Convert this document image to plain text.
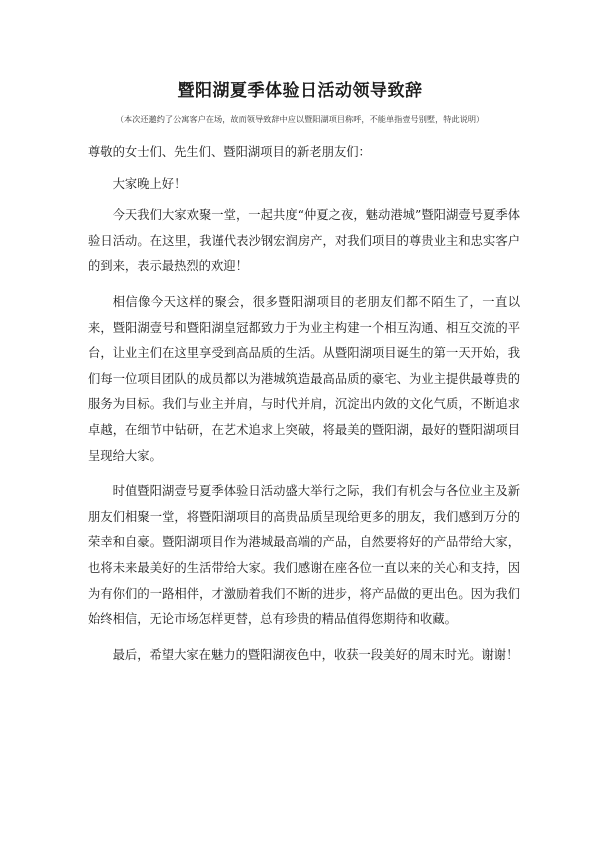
暨阳湖夏季体验日活动领导致辞
（本次还邀约了公寓客户在场，故而领导致辞中应以暨阳湖项目称呼，不能单指壹号别墅，特此说明）

尊敬的女士们、先生们、暨阳湖项目的新老朋友们：

大家晚上好！

今天我们大家欢聚一堂，一起共度“仲夏之夜，魅动港城”暨阳湖壹号夏季体验日活动。在这里，我谨代表沙钢宏润房产，对我们项目的尊贵业主和忠实客户的到来，表示最热烈的欢迎！

相信像今天这样的聚会，很多暨阳湖项目的老朋友们都不陌生了，一直以来，暨阳湖壹号和暨阳湖皇冠都致力于为业主构建一个相互沟通、相互交流的平台，让业主们在这里享受到高品质的生活。从暨阳湖项目诞生的第一天开始，我们每一位项目团队的成员都以为港城筑造最高品质的豪宅、为业主提供最尊贵的服务为目标。我们与业主并肩，与时代并肩，沉淀出内敛的文化气质，不断追求卓越，在细节中钻研，在艺术追求上突破，将最美的暨阳湖，最好的暨阳湖项目呈现给大家。

时值暨阳湖壹号夏季体验日活动盛大举行之际，我们有机会与各位业主及新朋友们相聚一堂，将暨阳湖项目的高贵品质呈现给更多的朋友，我们感到万分的荣幸和自豪。暨阳湖项目作为港城最高端的产品，自然要将好的产品带给大家，也将未来最美好的生活带给大家。我们感谢在座各位一直以来的关心和支持，因为有你们的一路相伴，才激励着我们不断的进步，将产品做的更出色。因为我们始终相信，无论市场怎样更替，总有珍贵的精品值得您期待和收藏。

最后，希望大家在魅力的暨阳湖夜色中，收获一段美好的周末时光。谢谢！
